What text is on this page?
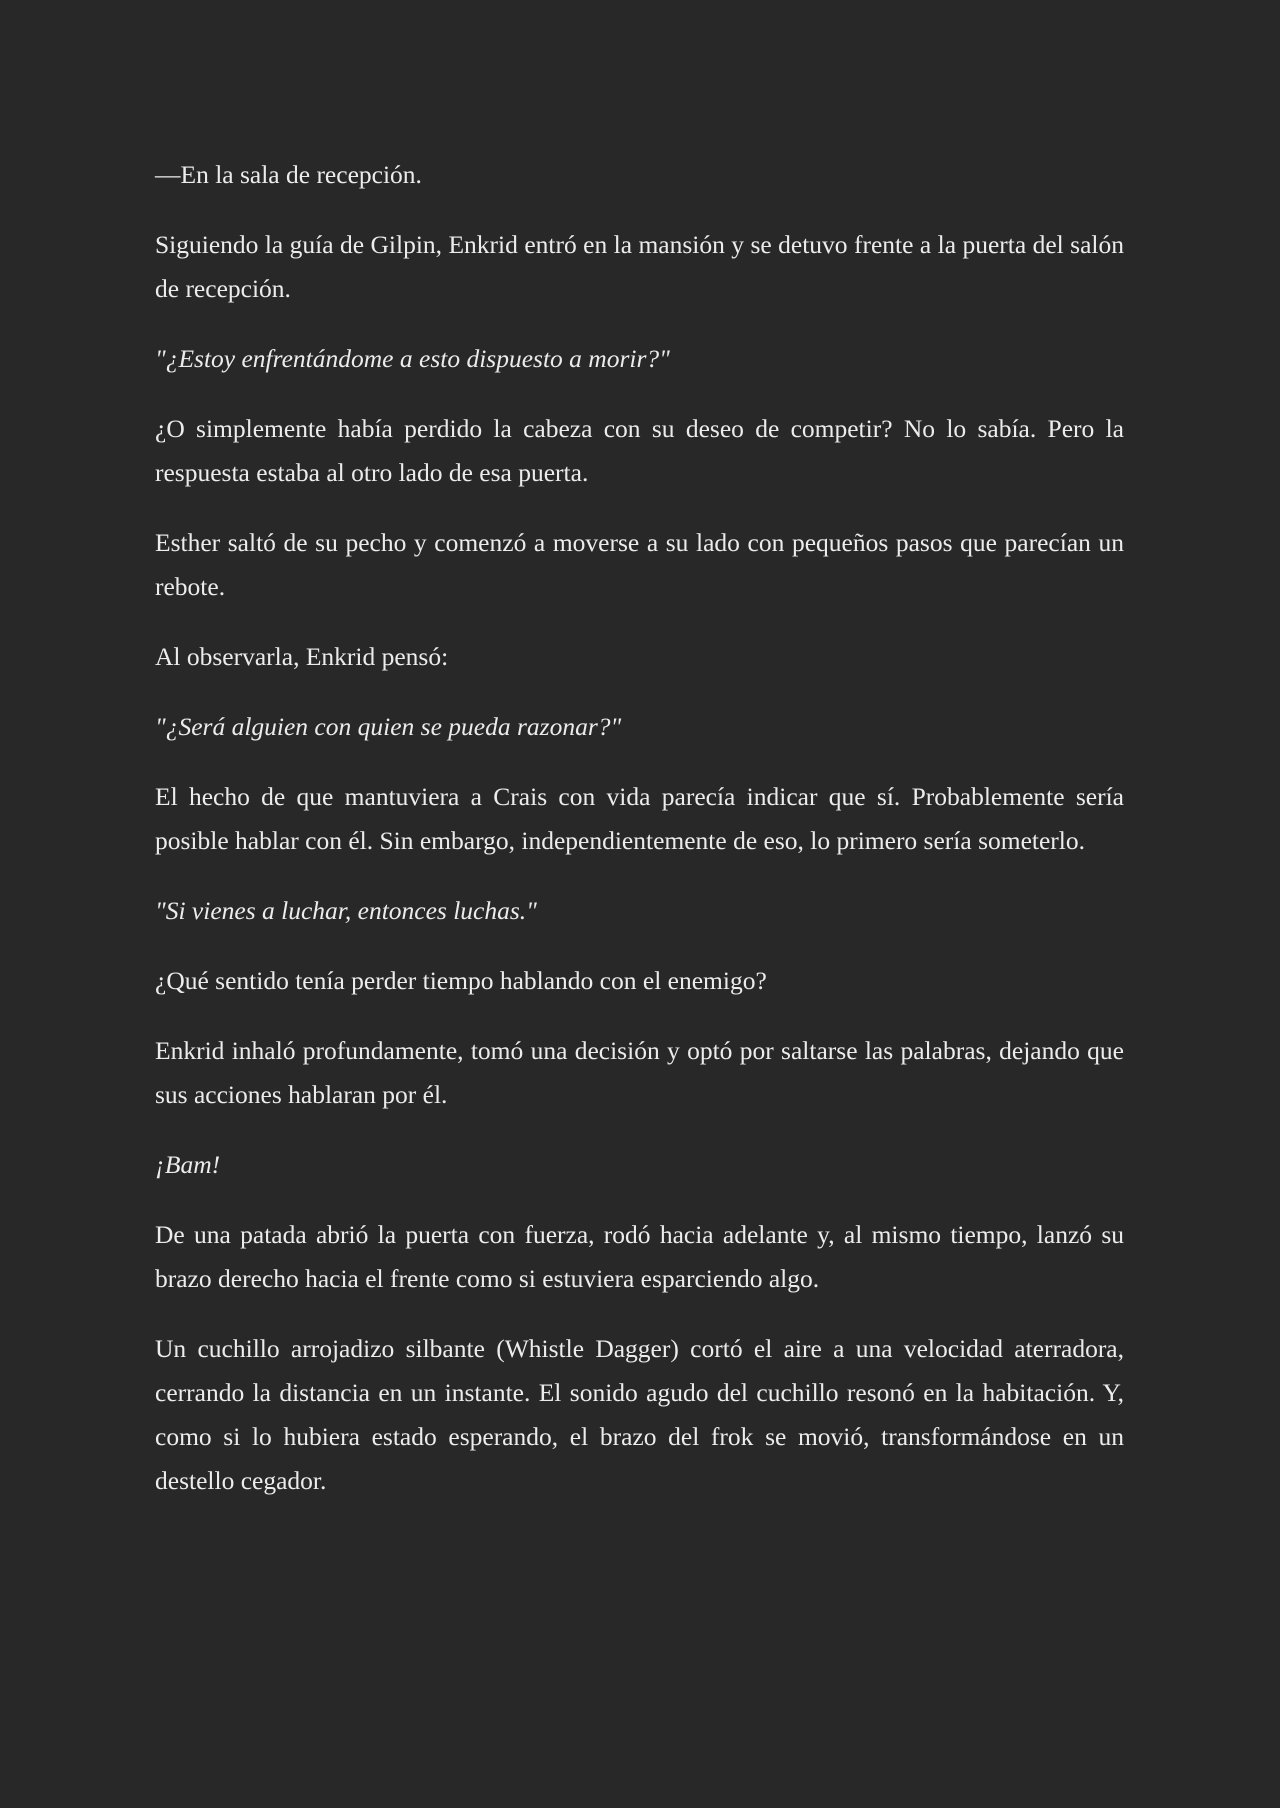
—En la sala de recepción.

Siguiendo la guía de Gilpin, Enkrid entró en la mansión y se detuvo frente a la puerta del salón de recepción.

"¿Estoy enfrentándome a esto dispuesto a morir?"

¿O simplemente había perdido la cabeza con su deseo de competir? No lo sabía. Pero la respuesta estaba al otro lado de esa puerta.

Esther saltó de su pecho y comenzó a moverse a su lado con pequeños pasos que parecían un rebote.

Al observarla, Enkrid pensó:

"¿Será alguien con quien se pueda razonar?"

El hecho de que mantuviera a Crais con vida parecía indicar que sí. Probablemente sería posible hablar con él. Sin embargo, independientemente de eso, lo primero sería someterlo.

"Si vienes a luchar, entonces luchas."

¿Qué sentido tenía perder tiempo hablando con el enemigo?

Enkrid inhaló profundamente, tomó una decisión y optó por saltarse las palabras, dejando que sus acciones hablaran por él.

¡Bam!

De una patada abrió la puerta con fuerza, rodó hacia adelante y, al mismo tiempo, lanzó su brazo derecho hacia el frente como si estuviera esparciendo algo.

Un cuchillo arrojadizo silbante (Whistle Dagger) cortó el aire a una velocidad aterradora, cerrando la distancia en un instante. El sonido agudo del cuchillo resonó en la habitación. Y, como si lo hubiera estado esperando, el brazo del frok se movió, transformándose en un destello cegador.
